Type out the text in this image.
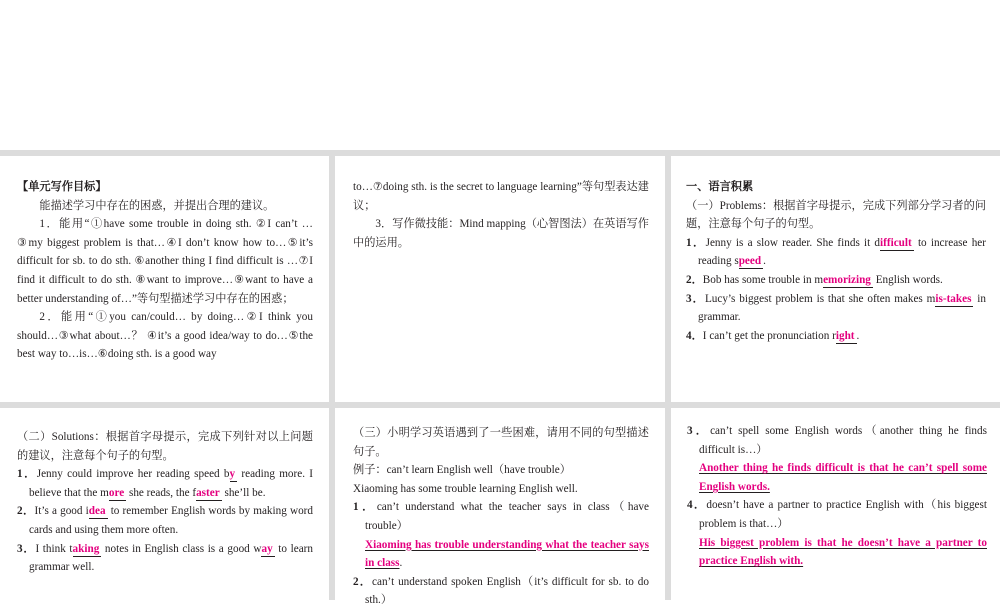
【单元写作目标】

能描述学习中存在的困惑，并提出合理的建议。

1．能用“①have some trouble in doing sth. ②I can’t …③my biggest problem is that…④I don’t know how to…⑤it’s difficult for sb. to do sth. ⑥another thing I find difficult is …⑦I find it difficult to do sth. ⑧want to improve…⑨want to have a better understanding of…”等句型描述学习中存在的困惑；

2．能用“①you can/could… by doing…②I think you should…③what about…？ ④it’s a good idea/way to do…⑤the best way to…is…⑥doing sth. is a good way

to…⑦doing sth. is the secret to language learning”等句型表达建议；

3．写作微技能：Mind mapping（心智图法）在英语写作中的运用。

一、语言积累

（一）Problems：根据首字母提示，完成下列部分学习者的问题，注意每个句子的句型。

1．Jenny is a slow reader. She finds it difficult to increase her reading speed .

2．Bob has some trouble in memorizing English words.

3．Lucy’s biggest problem is that she often makes mis-takes in grammar.

4．I can’t get the pronunciation right .

（二）Solutions：根据首字母提示，完成下列针对以上问题的建议，注意每个句子的句型。

1．Jenny could improve her reading speed by reading more. I believe that the more she reads, the faster she’ll be.

2．It’s a good idea to remember English words by making word cards and using them more often.

3．I think taking notes in English class is a good way to learn grammar well.

（三）小明学习英语遇到了一些困难，请用不同的句型描述句子。

例子：can’t learn English well（have trouble）

Xiaoming has some trouble learning English well.

1．can’t understand what the teacher says in class（have trouble）

Xiaoming has trouble understanding what the teacher says in class.

2．can’t understand spoken English（it’s difficult for sb. to do sth.）

3．can’t spell some English words（another thing he finds difficult is…）

Another thing he finds difficult is that he can’t spell some English words.

4．doesn’t have a partner to practice English with（his biggest problem is that…）

His biggest problem is that he doesn’t have a partner to practice English with.
